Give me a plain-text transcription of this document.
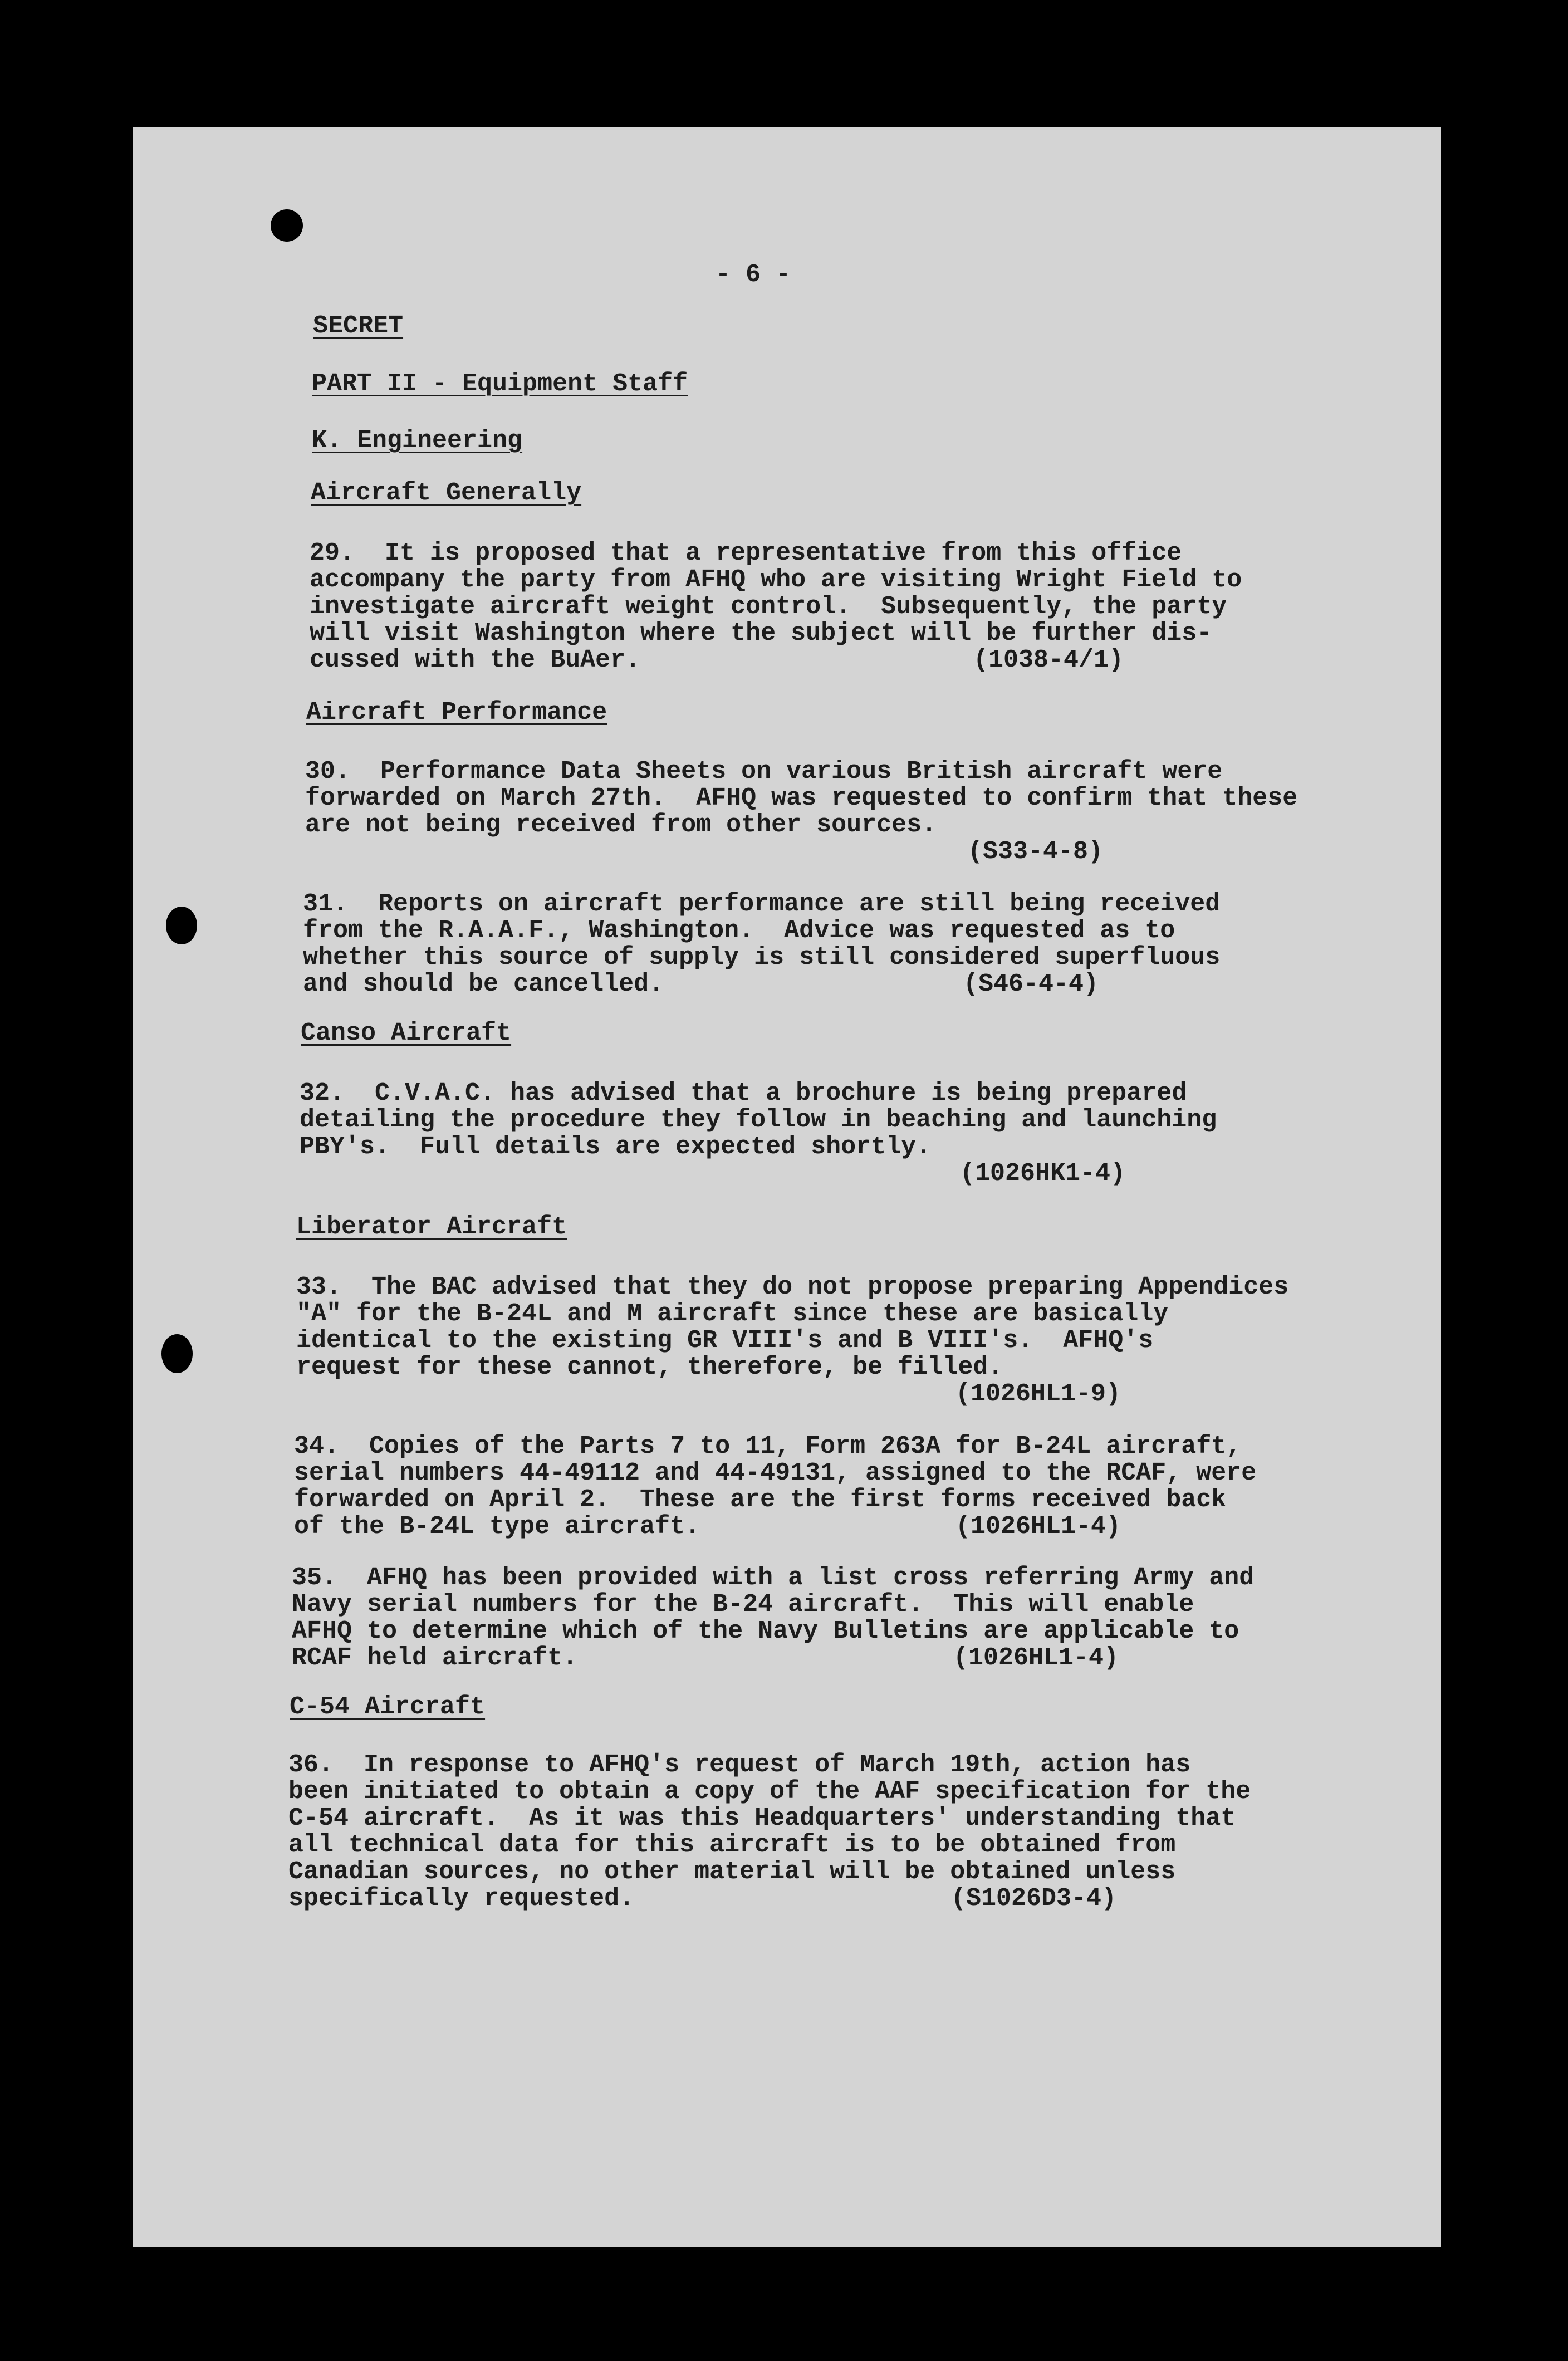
- 6 -

SECRET

PART II - Equipment Staff

K. Engineering

Aircraft Generally

29.  It is proposed that a representative from this office

accompany the party from AFHQ who are visiting Wright Field to

investigate aircraft weight control.  Subsequently, the party

will visit Washington where the subject will be further dis-

cussed with the BuAer.	(1038-4/1)

Aircraft Performance

30.  Performance Data Sheets on various British aircraft were

forwarded on March 27th.  AFHQ was requested to confirm that these

are not being received from other sources.

(S33-4-8)

31.  Reports on aircraft performance are still being received

from the R.A.A.F., Washington.  Advice was requested as to

whether this source of supply is still considered superfluous

and should be cancelled.	(S46-4-4)

Canso Aircraft

32.  C.V.A.C. has advised that a brochure is being prepared

detailing the procedure they follow in beaching and launching

PBY's.  Full details are expected shortly.

(1026HK1-4)

Liberator Aircraft

33.  The BAC advised that they do not propose preparing Appendices

"A" for the B-24L and M aircraft since these are basically

identical to the existing GR VIII's and B VIII's.  AFHQ's

request for these cannot, therefore, be filled.

(1026HL1-9)

34.  Copies of the Parts 7 to 11, Form 263A for B-24L aircraft,

serial numbers 44-49112 and 44-49131, assigned to the RCAF, were

forwarded on April 2.  These are the first forms received back

of the B-24L type aircraft.	(1026HL1-4)

35.  AFHQ has been provided with a list cross referring Army and

Navy serial numbers for the B-24 aircraft.  This will enable

AFHQ to determine which of the Navy Bulletins are applicable to

RCAF held aircraft.	(1026HL1-4)

C-54 Aircraft

36.  In response to AFHQ's request of March 19th, action has

been initiated to obtain a copy of the AAF specification for the

C-54 aircraft.  As it was this Headquarters' understanding that

all technical data for this aircraft is to be obtained from

Canadian sources, no other material will be obtained unless

specifically requested.	(S1026D3-4)
